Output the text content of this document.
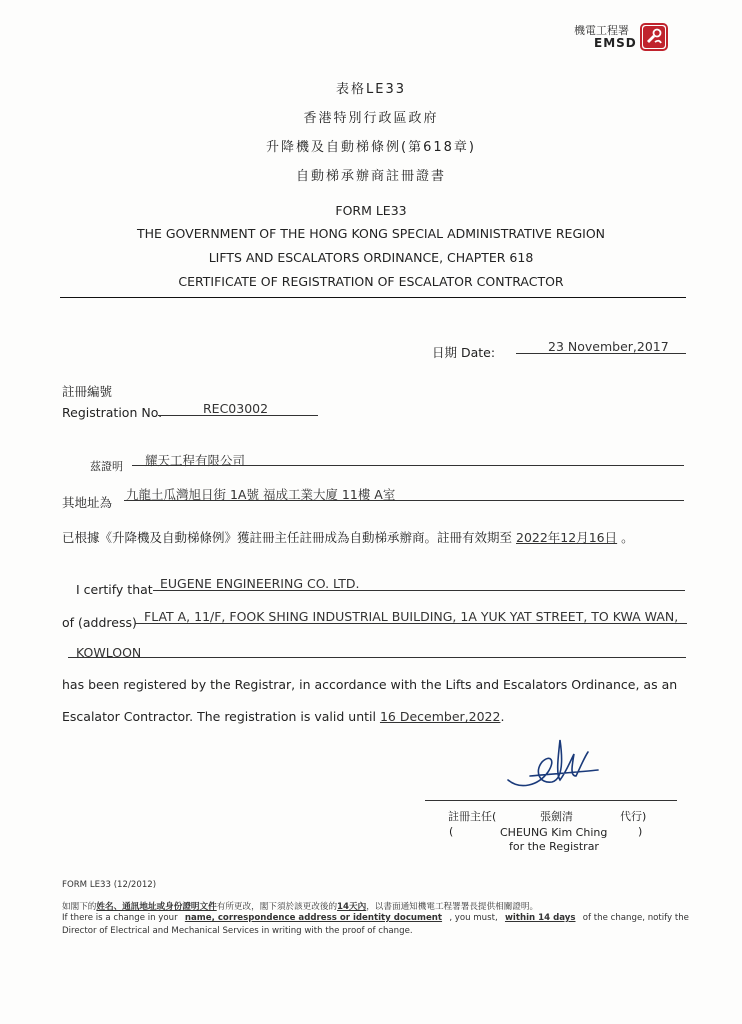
機電工程署
EMSD
表格LE33
香港特別行政區政府
升降機及自動梯條例(第618章)
自動梯承辦商註冊證書
FORM LE33
THE GOVERNMENT OF THE HONG KONG SPECIAL ADMINISTRATIVE REGION
LIFTS AND ESCALATORS ORDINANCE, CHAPTER 618
CERTIFICATE OF REGISTRATION OF ESCALATOR CONTRACTOR
日期 Date:	23 November,2017
註冊編號
Registration No.	REC03002
茲證明 耀天工程有限公司
其地址為
九龍土瓜灣旭日街 1A號 福成工業大廈 11樓 A室
已根據《升降機及自動梯條例》獲註冊主任註冊成為自動梯承辦商。註冊有效期至 2022年12月16日 。
I certify that EUGENE ENGINEERING CO. LTD.
of (address) FLAT A, 11/F, FOOK SHING INDUSTRIAL BUILDING, 1A YUK YAT STREET, TO KWA WAN,
KOWLOON
has been registered by the Registrar, in accordance with the Lifts and Escalators Ordinance, as an
Escalator Contractor. The registration is valid until 16 December,2022.
註冊主任(	張劍清	代行)
(	CHEUNG Kim Ching	)
for the Registrar
FORM LE33 (12/2012)
如閣下的姓名、通訊地址或身份證明文件有所更改，閣下須於該更改後的14天內，以書面通知機電工程署署長提供相關證明。
If there is a change in your name, correspondence address or identity document , you must, within 14 days of the change, notify the
Director of Electrical and Mechanical Services in writing with the proof of change.
